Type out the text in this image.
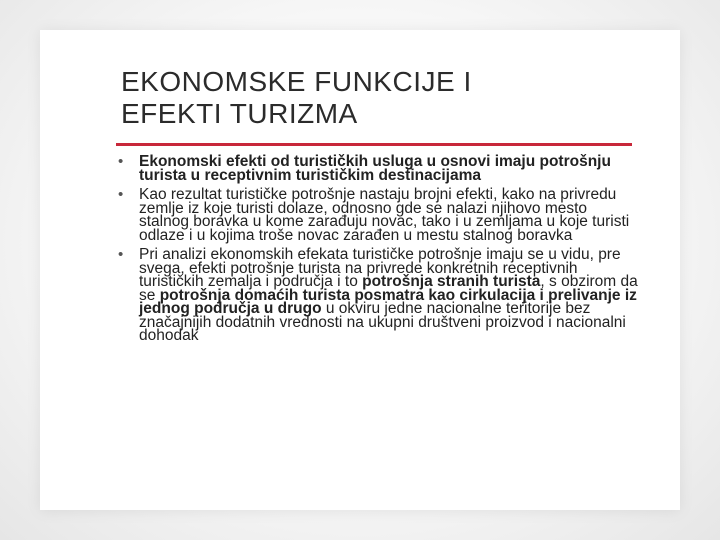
EKONOMSKE FUNKCIJE I
EFEKTI TURIZMA
• Ekonomski efekti od turističkih usluga u osnovi imaju potrošnju turista u receptivnim turističkim destinacijama
• Kao rezultat turističke potrošnje nastaju brojni efekti, kako na privredu zemlje iz koje turisti dolaze, odnosno gde se nalazi njihovo mesto stalnog boravka u kome zarađuju novac, tako i u zemljama u koje turisti odlaze i u kojima troše novac zarađen u mestu stalnog boravka
• Pri analizi ekonomskih efekata turističke potrošnje imaju se u vidu, pre svega, efekti potrošnje turista na privrede konkretnih receptivnih turističkih zemalja i područja i to potrošnja stranih turista, s obzirom da se potrošnja domaćih turista posmatra kao cirkulacija i prelivanje iz jednog područja u drugo u okviru jedne nacionalne teritorije bez značajnijih dodatnih vrednosti na ukupni društveni proizvod i nacionalni dohodak
